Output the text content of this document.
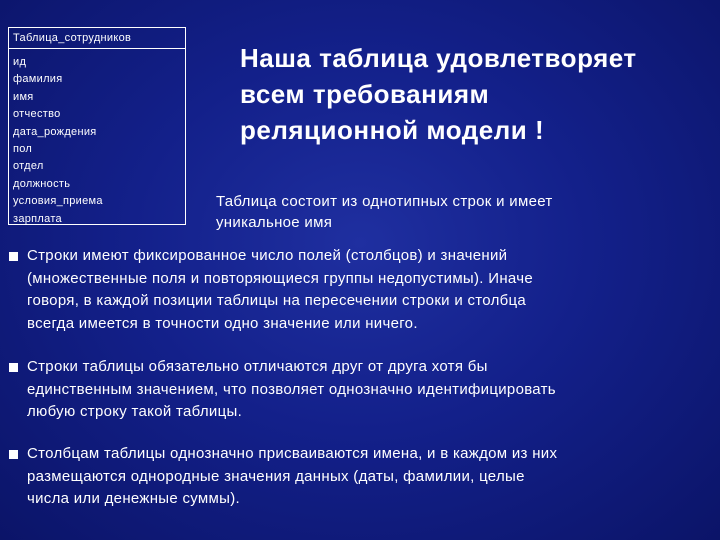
Таблица_сотрудников
ид
фамилия
имя
отчество
дата_рождения
пол
отдел
должность
условия_приема
зарплата
Наша таблица удовлетворяет
всем требованиям
реляционной модели !
Таблица состоит из однотипных строк и имеет
уникальное имя
Строки имеют фиксированное число полей (столбцов) и значений
(множественные поля и повторяющиеся группы недопустимы). Иначе
говоря, в каждой позиции таблицы на пересечении строки и столбца
всегда имеется в точности одно значение или ничего.
Строки таблицы обязательно отличаются друг от друга хотя бы
единственным значением, что позволяет однозначно идентифицировать
любую строку такой таблицы.
Столбцам таблицы однозначно присваиваются имена, и в каждом из них
размещаются однородные значения данных (даты, фамилии, целые
числа или денежные суммы).
